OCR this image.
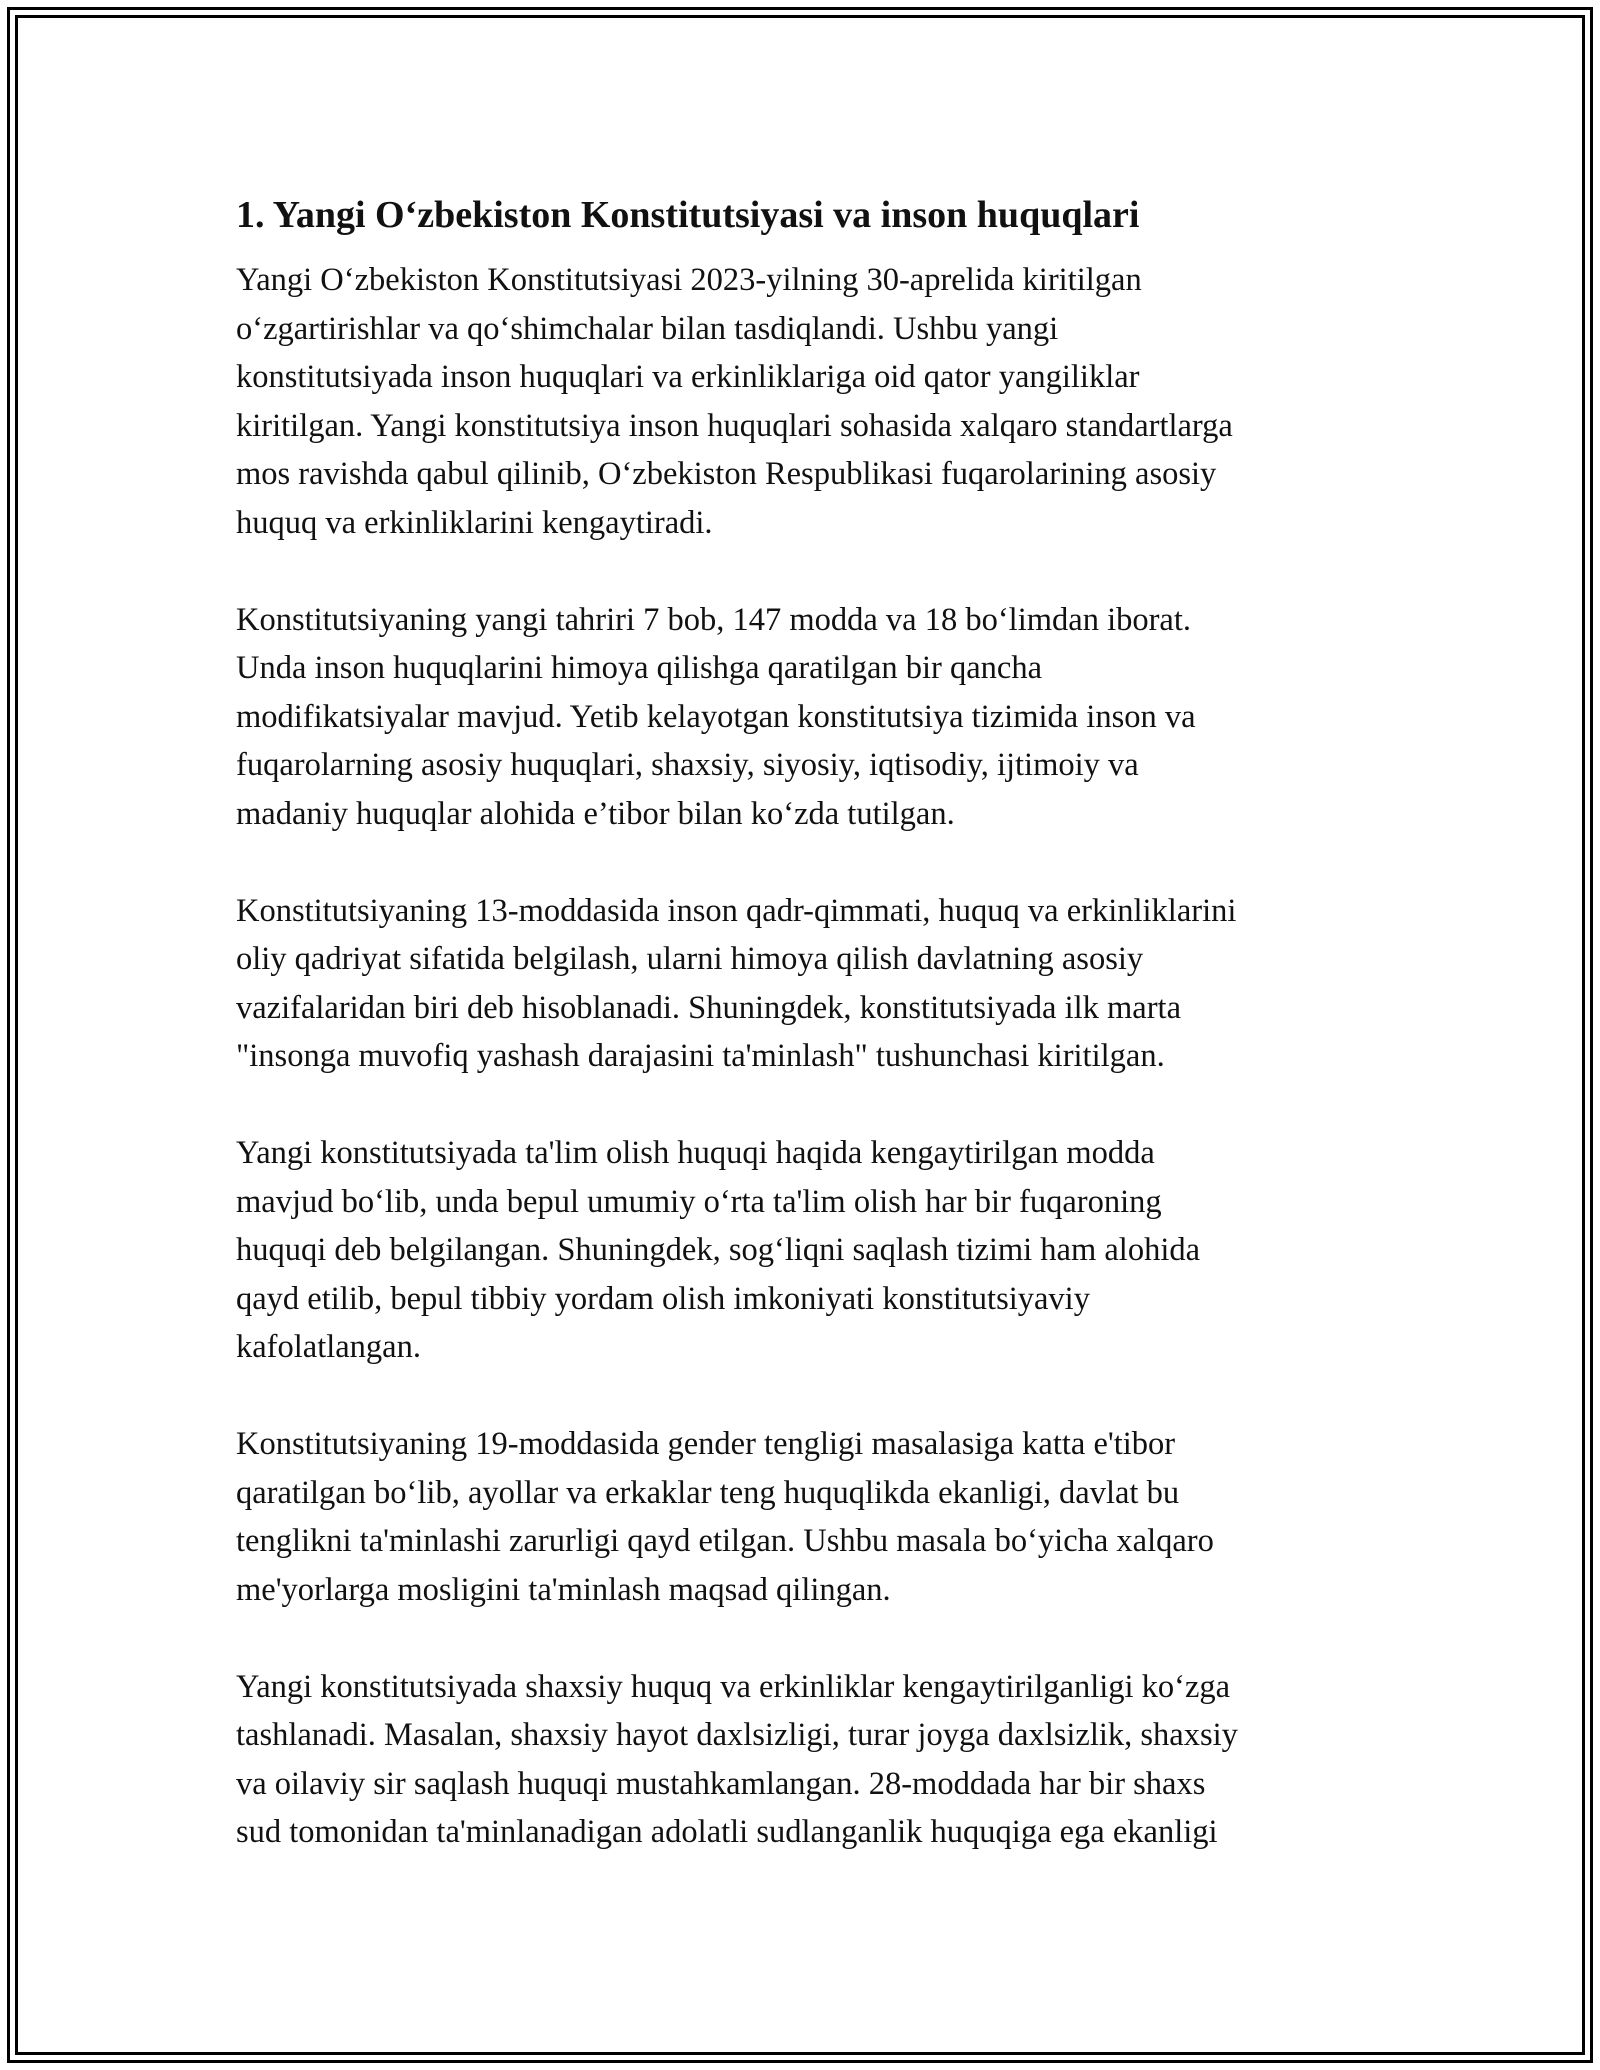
1. Yangi O‘zbekiston Konstitutsiyasi va inson huquqlari
Yangi O‘zbekiston Konstitutsiyasi 2023-yilning 30-aprelida kiritilgan
o‘zgartirishlar va qo‘shimchalar bilan tasdiqlandi. Ushbu yangi
konstitutsiyada inson huquqlari va erkinliklariga oid qator yangiliklar
kiritilgan. Yangi konstitutsiya inson huquqlari sohasida xalqaro standartlarga
mos ravishda qabul qilinib, O‘zbekiston Respublikasi fuqarolarining asosiy
huquq va erkinliklarini kengaytiradi.
Konstitutsiyaning yangi tahriri 7 bob, 147 modda va 18 bo‘limdan iborat.
Unda inson huquqlarini himoya qilishga qaratilgan bir qancha
modifikatsiyalar mavjud. Yetib kelayotgan konstitutsiya tizimida inson va
fuqarolarning asosiy huquqlari, shaxsiy, siyosiy, iqtisodiy, ijtimoiy va
madaniy huquqlar alohida e’tibor bilan ko‘zda tutilgan.
Konstitutsiyaning 13-moddasida inson qadr-qimmati, huquq va erkinliklarini
oliy qadriyat sifatida belgilash, ularni himoya qilish davlatning asosiy
vazifalaridan biri deb hisoblanadi. Shuningdek, konstitutsiyada ilk marta
"insonga muvofiq yashash darajasini ta'minlash" tushunchasi kiritilgan.
Yangi konstitutsiyada ta'lim olish huquqi haqida kengaytirilgan modda
mavjud bo‘lib, unda bepul umumiy o‘rta ta'lim olish har bir fuqaroning
huquqi deb belgilangan. Shuningdek, sog‘liqni saqlash tizimi ham alohida
qayd etilib, bepul tibbiy yordam olish imkoniyati konstitutsiyaviy
kafolatlangan.
Konstitutsiyaning 19-moddasida gender tengligi masalasiga katta e'tibor
qaratilgan bo‘lib, ayollar va erkaklar teng huquqlikda ekanligi, davlat bu
tenglikni ta'minlashi zarurligi qayd etilgan. Ushbu masala bo‘yicha xalqaro
me'yorlarga mosligini ta'minlash maqsad qilingan.
Yangi konstitutsiyada shaxsiy huquq va erkinliklar kengaytirilganligi ko‘zga
tashlanadi. Masalan, shaxsiy hayot daxlsizligi, turar joyga daxlsizlik, shaxsiy
va oilaviy sir saqlash huquqi mustahkamlangan. 28-moddada har bir shaxs
sud tomonidan ta'minlanadigan adolatli sudlanganlik huquqiga ega ekanligi
